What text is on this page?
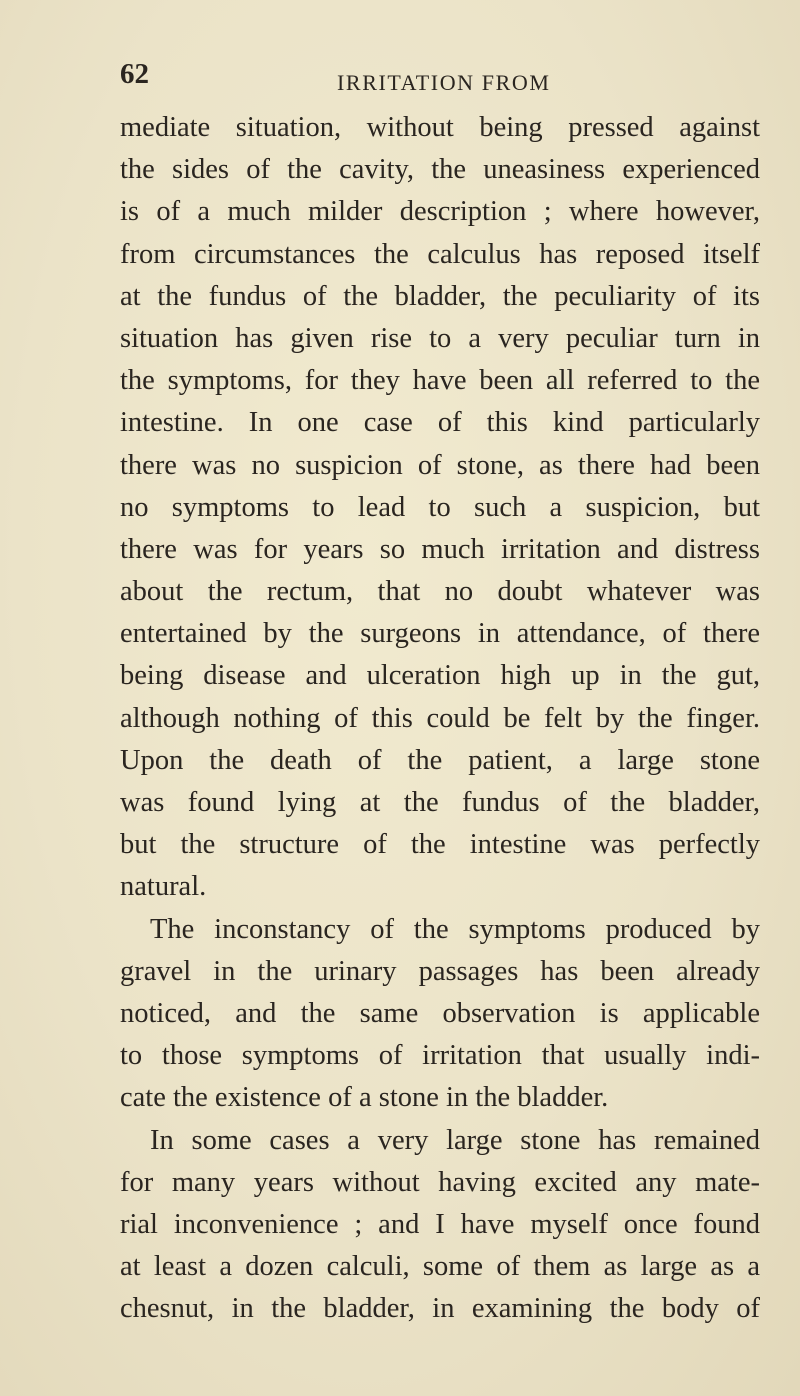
62	IRRITATION FROM
mediate situation, without being pressed against
the sides of the cavity, the uneasiness experienced
is of a much milder description ; where however,
from circumstances the calculus has reposed itself
at the fundus of the bladder, the peculiarity of its
situation has given rise to a very peculiar turn in
the symptoms, for they have been all referred to the
intestine. In one case of this kind particularly
there was no suspicion of stone, as there had been
no symptoms to lead to such a suspicion, but
there was for years so much irritation and distress
about the rectum, that no doubt whatever was
entertained by the surgeons in attendance, of there
being disease and ulceration high up in the gut,
although nothing of this could be felt by the finger.
Upon the death of the patient, a large stone
was found lying at the fundus of the bladder,
but the structure of the intestine was perfectly
natural.
The inconstancy of the symptoms produced by
gravel in the urinary passages has been already
noticed, and the same observation is applicable
to those symptoms of irritation that usually indi-
cate the existence of a stone in the bladder.
In some cases a very large stone has remained
for many years without having excited any mate-
rial inconvenience ; and I have myself once found
at least a dozen calculi, some of them as large as a
chesnut, in the bladder, in examining the body of
